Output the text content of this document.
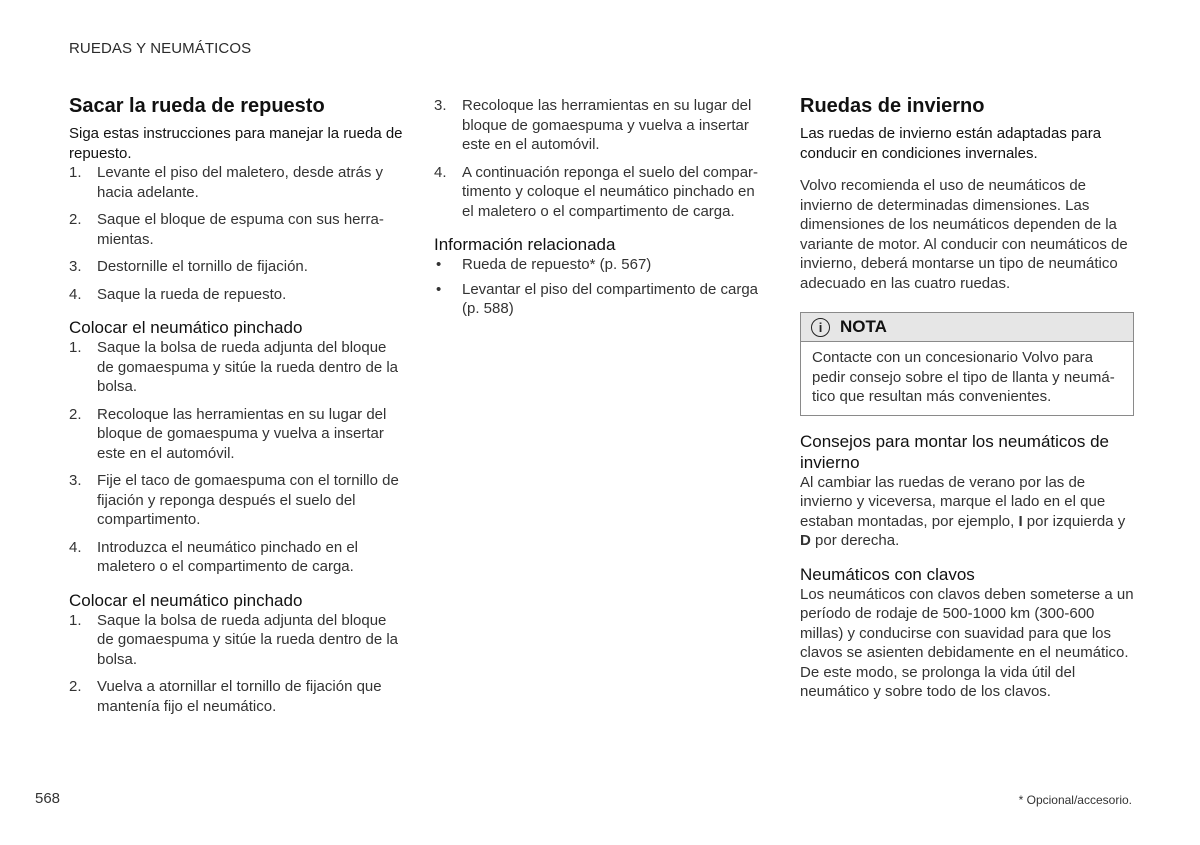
RUEDAS Y NEUMÁTICOS
Sacar la rueda de repuesto

Siga estas instrucciones para manejar la rueda de repuesto.

1. Levante el piso del maletero, desde atrás y hacia adelante.
2. Saque el bloque de espuma con sus herramientas.
3. Destornille el tornillo de fijación.
4. Saque la rueda de repuesto.
Colocar el neumático pinchado
1. Saque la bolsa de rueda adjunta del bloque de gomaespuma y sitúe la rueda dentro de la bolsa.
2. Recoloque las herramientas en su lugar del bloque de gomaespuma y vuelva a insertar este en el automóvil.
3. Fije el taco de gomaespuma con el tornillo de fijación y reponga después el suelo del compartimento.
4. Introduzca el neumático pinchado en el maletero o el compartimento de carga.
Colocar el neumático pinchado
1. Saque la bolsa de rueda adjunta del bloque de gomaespuma y sitúe la rueda dentro de la bolsa.
2. Vuelva a atornillar el tornillo de fijación que mantenía fijo el neumático.
3. Recoloque las herramientas en su lugar del bloque de gomaespuma y vuelva a insertar este en el automóvil.
4. A continuación reponga el suelo del compartimento y coloque el neumático pinchado en el maletero o el compartimento de carga.
Información relacionada
• Rueda de repuesto* (p. 567)
• Levantar el piso del compartimento de carga (p. 588)
Ruedas de invierno

Las ruedas de invierno están adaptadas para conducir en condiciones invernales.

Volvo recomienda el uso de neumáticos de invierno de determinadas dimensiones. Las dimensiones de los neumáticos dependen de la variante de motor. Al conducir con neumáticos de invierno, deberá montarse un tipo de neumático adecuado en las cuatro ruedas.

i	NOTA
Contacte con un concesionario Volvo para pedir consejo sobre el tipo de llanta y neumático que resultan más convenientes.
Consejos para montar los neumáticos de invierno

Al cambiar las ruedas de verano por las de invierno y viceversa, marque el lado en el que estaban montadas, por ejemplo, I por izquierda y D por derecha.

Neumáticos con clavos

Los neumáticos con clavos deben someterse a un período de rodaje de 500-1000 km (300-600 millas) y conducirse con suavidad para que los clavos se asienten debidamente en el neumático. De este modo, se prolonga la vida útil del neumático y sobre todo de los clavos.

568	* Opcional/accesorio.
